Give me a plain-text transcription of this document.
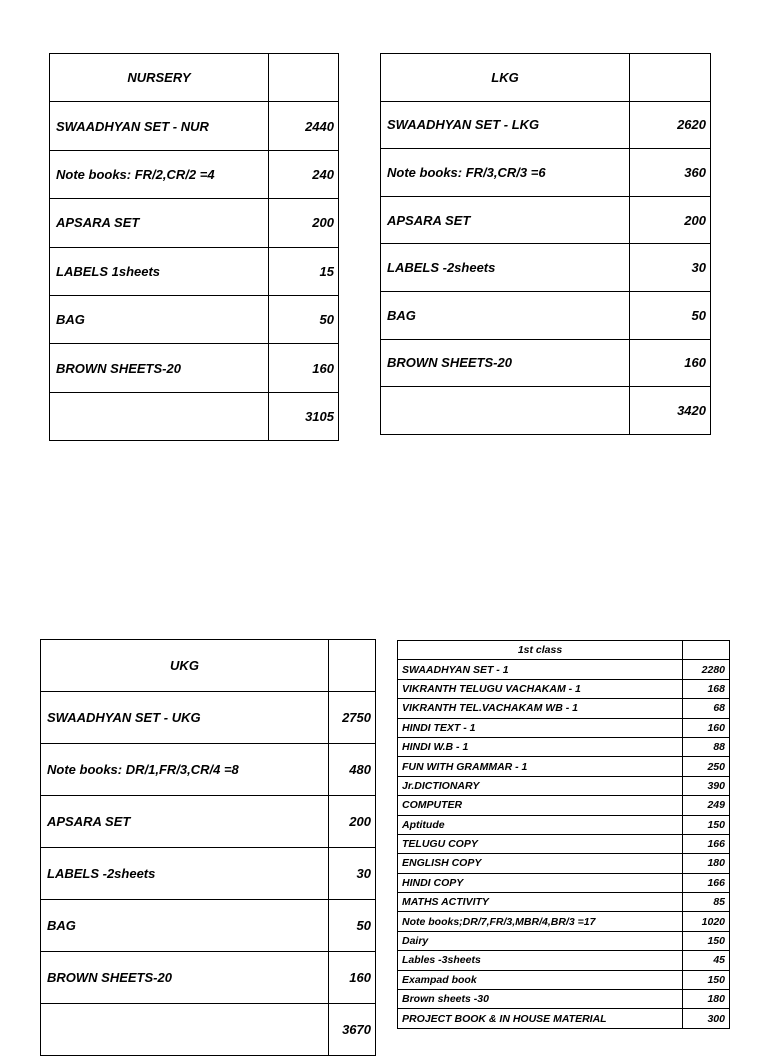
NURSERY	
SWAADHYAN SET - NUR	2440
Note books: FR/2,CR/2 =4	240
APSARA SET	200
LABELS 1sheets	15
BAG	50
BROWN SHEETS-20	160
	3105
LKG	
SWAADHYAN SET - LKG	2620
Note books: FR/3,CR/3 =6	360
APSARA SET	200
LABELS -2sheets	30
BAG	50
BROWN SHEETS-20	160
	3420
UKG	
SWAADHYAN SET - UKG	2750
Note books: DR/1,FR/3,CR/4 =8	480
APSARA SET	200
LABELS -2sheets	30
BAG	50
BROWN SHEETS-20	160
	3670
1st class	
SWAADHYAN SET - 1	2280
VIKRANTH TELUGU VACHAKAM - 1	168
VIKRANTH TEL.VACHAKAM WB - 1	68
HINDI TEXT - 1	160
HINDI W.B - 1	88
FUN WITH GRAMMAR - 1	250
Jr.DICTIONARY	390
COMPUTER	249
Aptitude	150
TELUGU COPY	166
ENGLISH COPY	180
HINDI COPY	166
MATHS ACTIVITY	85
Note books;DR/7,FR/3,MBR/4,BR/3 =17	1020
Dairy	150
Lables -3sheets	45
Exampad book	150
Brown sheets -30	180
PROJECT BOOK & IN HOUSE MATERIAL	300
